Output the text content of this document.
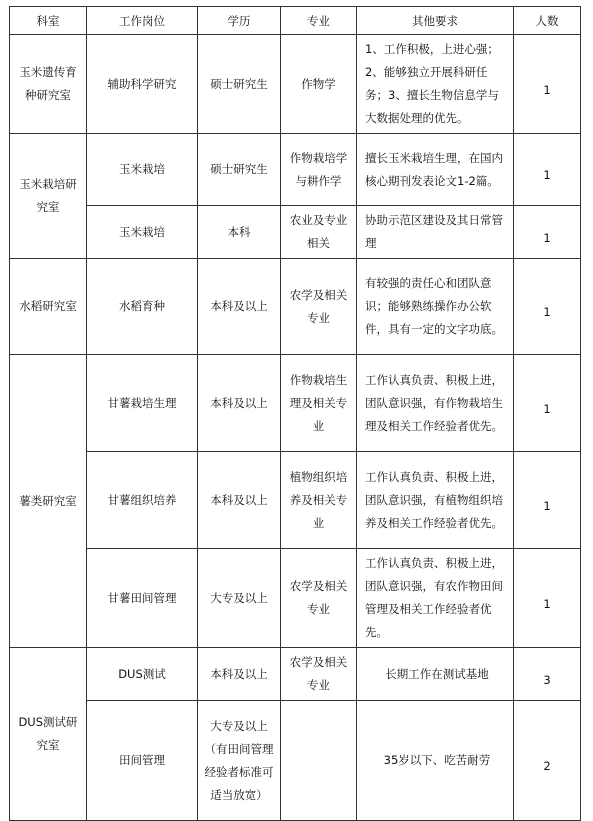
科室	工作岗位	学历	专业	其他要求	人数
玉米遗传育种研究室	辅助科学研究	硕士研究生	作物学	1、工作积极，上进心强；2、能够独立开展科研任务；3、擅长生物信息学与大数据处理的优先。	1
玉米栽培研究室	玉米栽培	硕士研究生	作物栽培学与耕作学	擅长玉米栽培生理，在国内核心期刊发表论文1-2篇。	1
	玉米栽培	本科	农业及专业相关	协助示范区建设及其日常管理	1
水稻研究室	水稻育种	本科及以上	农学及相关专业	有较强的责任心和团队意识；能够熟练操作办公软件，具有一定的文字功底。	1
薯类研究室	甘薯栽培生理	本科及以上	作物栽培生理及相关专业	工作认真负责、积极上进，团队意识强，有作物栽培生理及相关工作经验者优先。	1
	甘薯组织培养	本科及以上	植物组织培养及相关专业	工作认真负责、积极上进，团队意识强，有植物组织培养及相关工作经验者优先。	1
	甘薯田间管理	大专及以上	农学及相关专业	工作认真负责、积极上进，团队意识强，有农作物田间管理及相关工作经验者优先。	1
DUS测试研究室	DUS测试	本科及以上	农学及相关专业	长期工作在测试基地	3
	田间管理	大专及以上（有田间管理经验者标准可适当放宽）		35岁以下、吃苦耐劳	2
